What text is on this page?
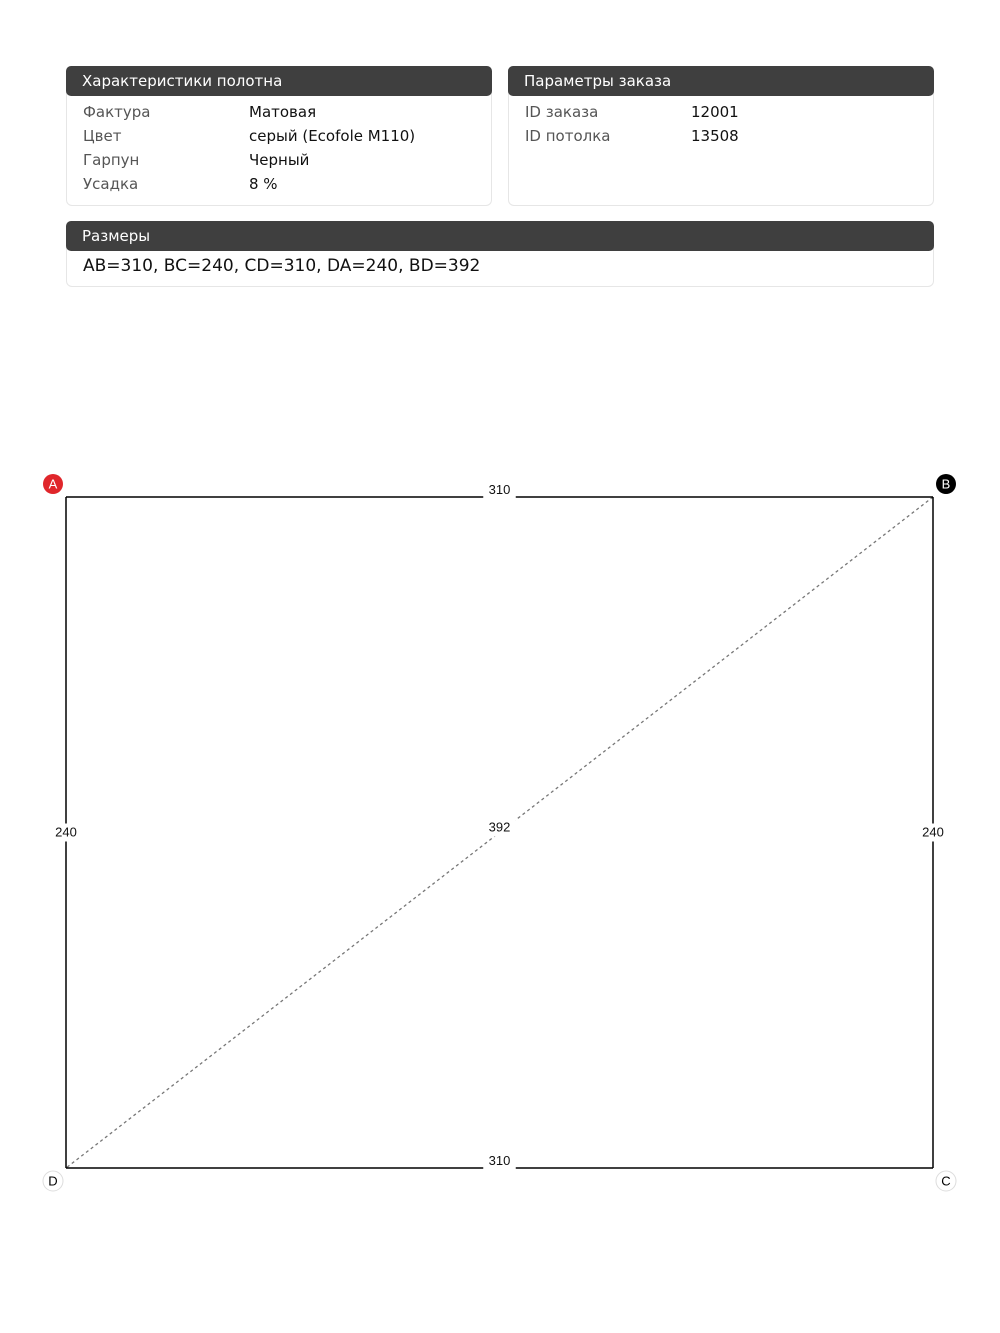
Характеристики полотна
Фактура	Матовая
Цвет	серый (Ecofole M110)
Гарпун	Черный
Усадка	8 %
Параметры заказа
ID заказа	12001
ID потолка	13508
Размеры
AB=310, BC=240, CD=310, DA=240, BD=392
310
240
310
240	392
A	B
C
D
